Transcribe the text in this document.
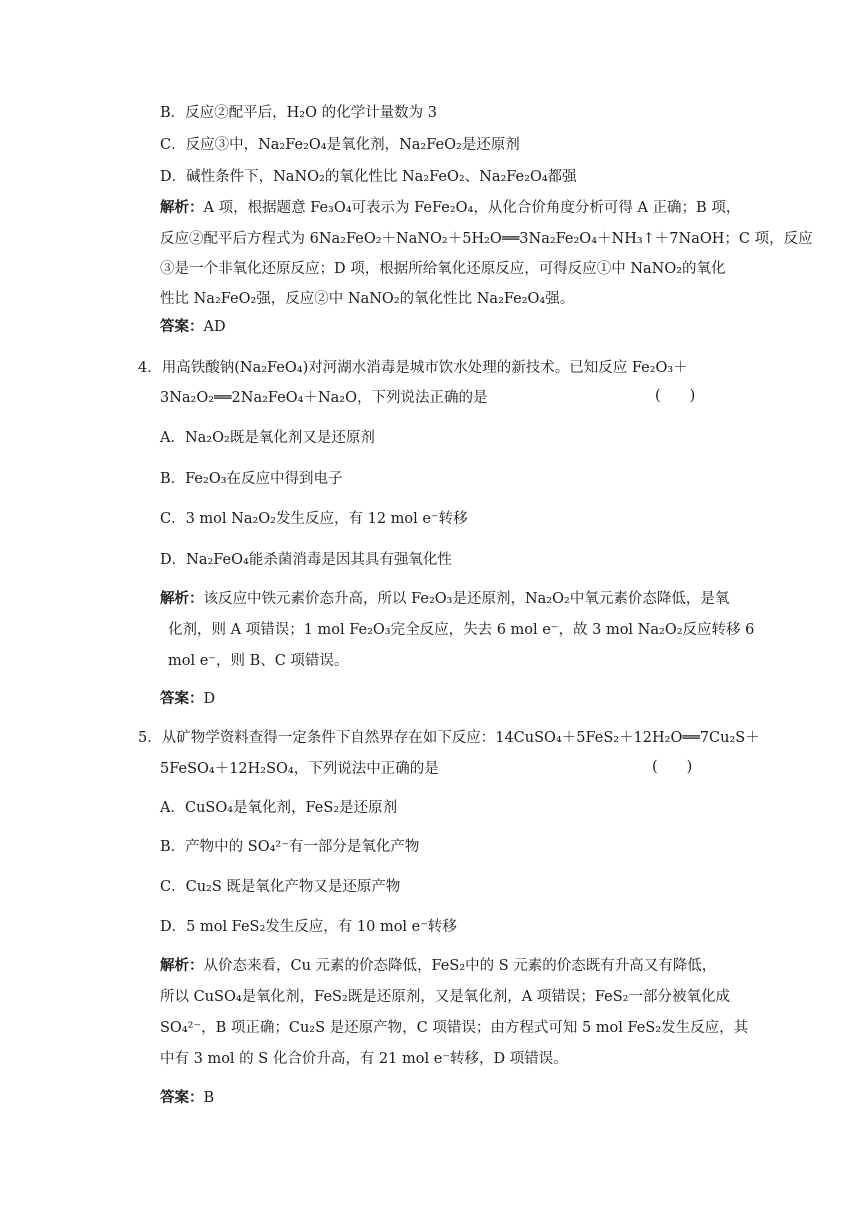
B．反应②配平后，H₂O 的化学计量数为 3
C．反应③中，Na₂Fe₂O₄是氧化剂，Na₂FeO₂是还原剂
D．碱性条件下，NaNO₂的氧化性比 Na₂FeO₂、Na₂Fe₂O₄都强
解析：A 项，根据题意 Fe₃O₄可表示为 FeFe₂O₄，从化合价角度分析可得 A 正确；B 项，
反应②配平后方程式为 6Na₂FeO₂＋NaNO₂＋5H₂O══3Na₂Fe₂O₄＋NH₃↑＋7NaOH；C 项，反应
③是一个非氧化还原反应；D 项，根据所给氧化还原反应，可得反应①中 NaNO₂的氧化
性比 Na₂FeO₂强，反应②中 NaNO₂的氧化性比 Na₂Fe₂O₄强。
答案：AD
4．用高铁酸钠(Na₂FeO₄)对河湖水消毒是城市饮水处理的新技术。已知反应 Fe₂O₃＋
3Na₂O₂══2Na₂FeO₄＋Na₂O，下列说法正确的是	(　　)
A．Na₂O₂既是氧化剂又是还原剂
B．Fe₂O₃在反应中得到电子
C．3 mol Na₂O₂发生反应，有 12 mol e⁻转移
D．Na₂FeO₄能杀菌消毒是因其具有强氧化性
解析：该反应中铁元素价态升高，所以 Fe₂O₃是还原剂，Na₂O₂中氧元素价态降低，是氧
化剂，则 A 项错误；1 mol Fe₂O₃完全反应，失去 6 mol e⁻，故 3 mol Na₂O₂反应转移 6
mol e⁻，则 B、C 项错误。
答案：D
5．从矿物学资料查得一定条件下自然界存在如下反应：14CuSO₄＋5FeS₂＋12H₂O══7Cu₂S＋
5FeSO₄＋12H₂SO₄，下列说法中正确的是	(　　)
A．CuSO₄是氧化剂，FeS₂是还原剂
B．产物中的 SO₄²⁻有一部分是氧化产物
C．Cu₂S 既是氧化产物又是还原产物
D．5 mol FeS₂发生反应，有 10 mol e⁻转移
解析：从价态来看，Cu 元素的价态降低，FeS₂中的 S 元素的价态既有升高又有降低，
所以 CuSO₄是氧化剂，FeS₂既是还原剂，又是氧化剂，A 项错误；FeS₂一部分被氧化成
SO₄²⁻，B 项正确；Cu₂S 是还原产物，C 项错误；由方程式可知 5 mol FeS₂发生反应，其
中有 3 mol 的 S 化合价升高，有 21 mol e⁻转移，D 项错误。
答案：B
